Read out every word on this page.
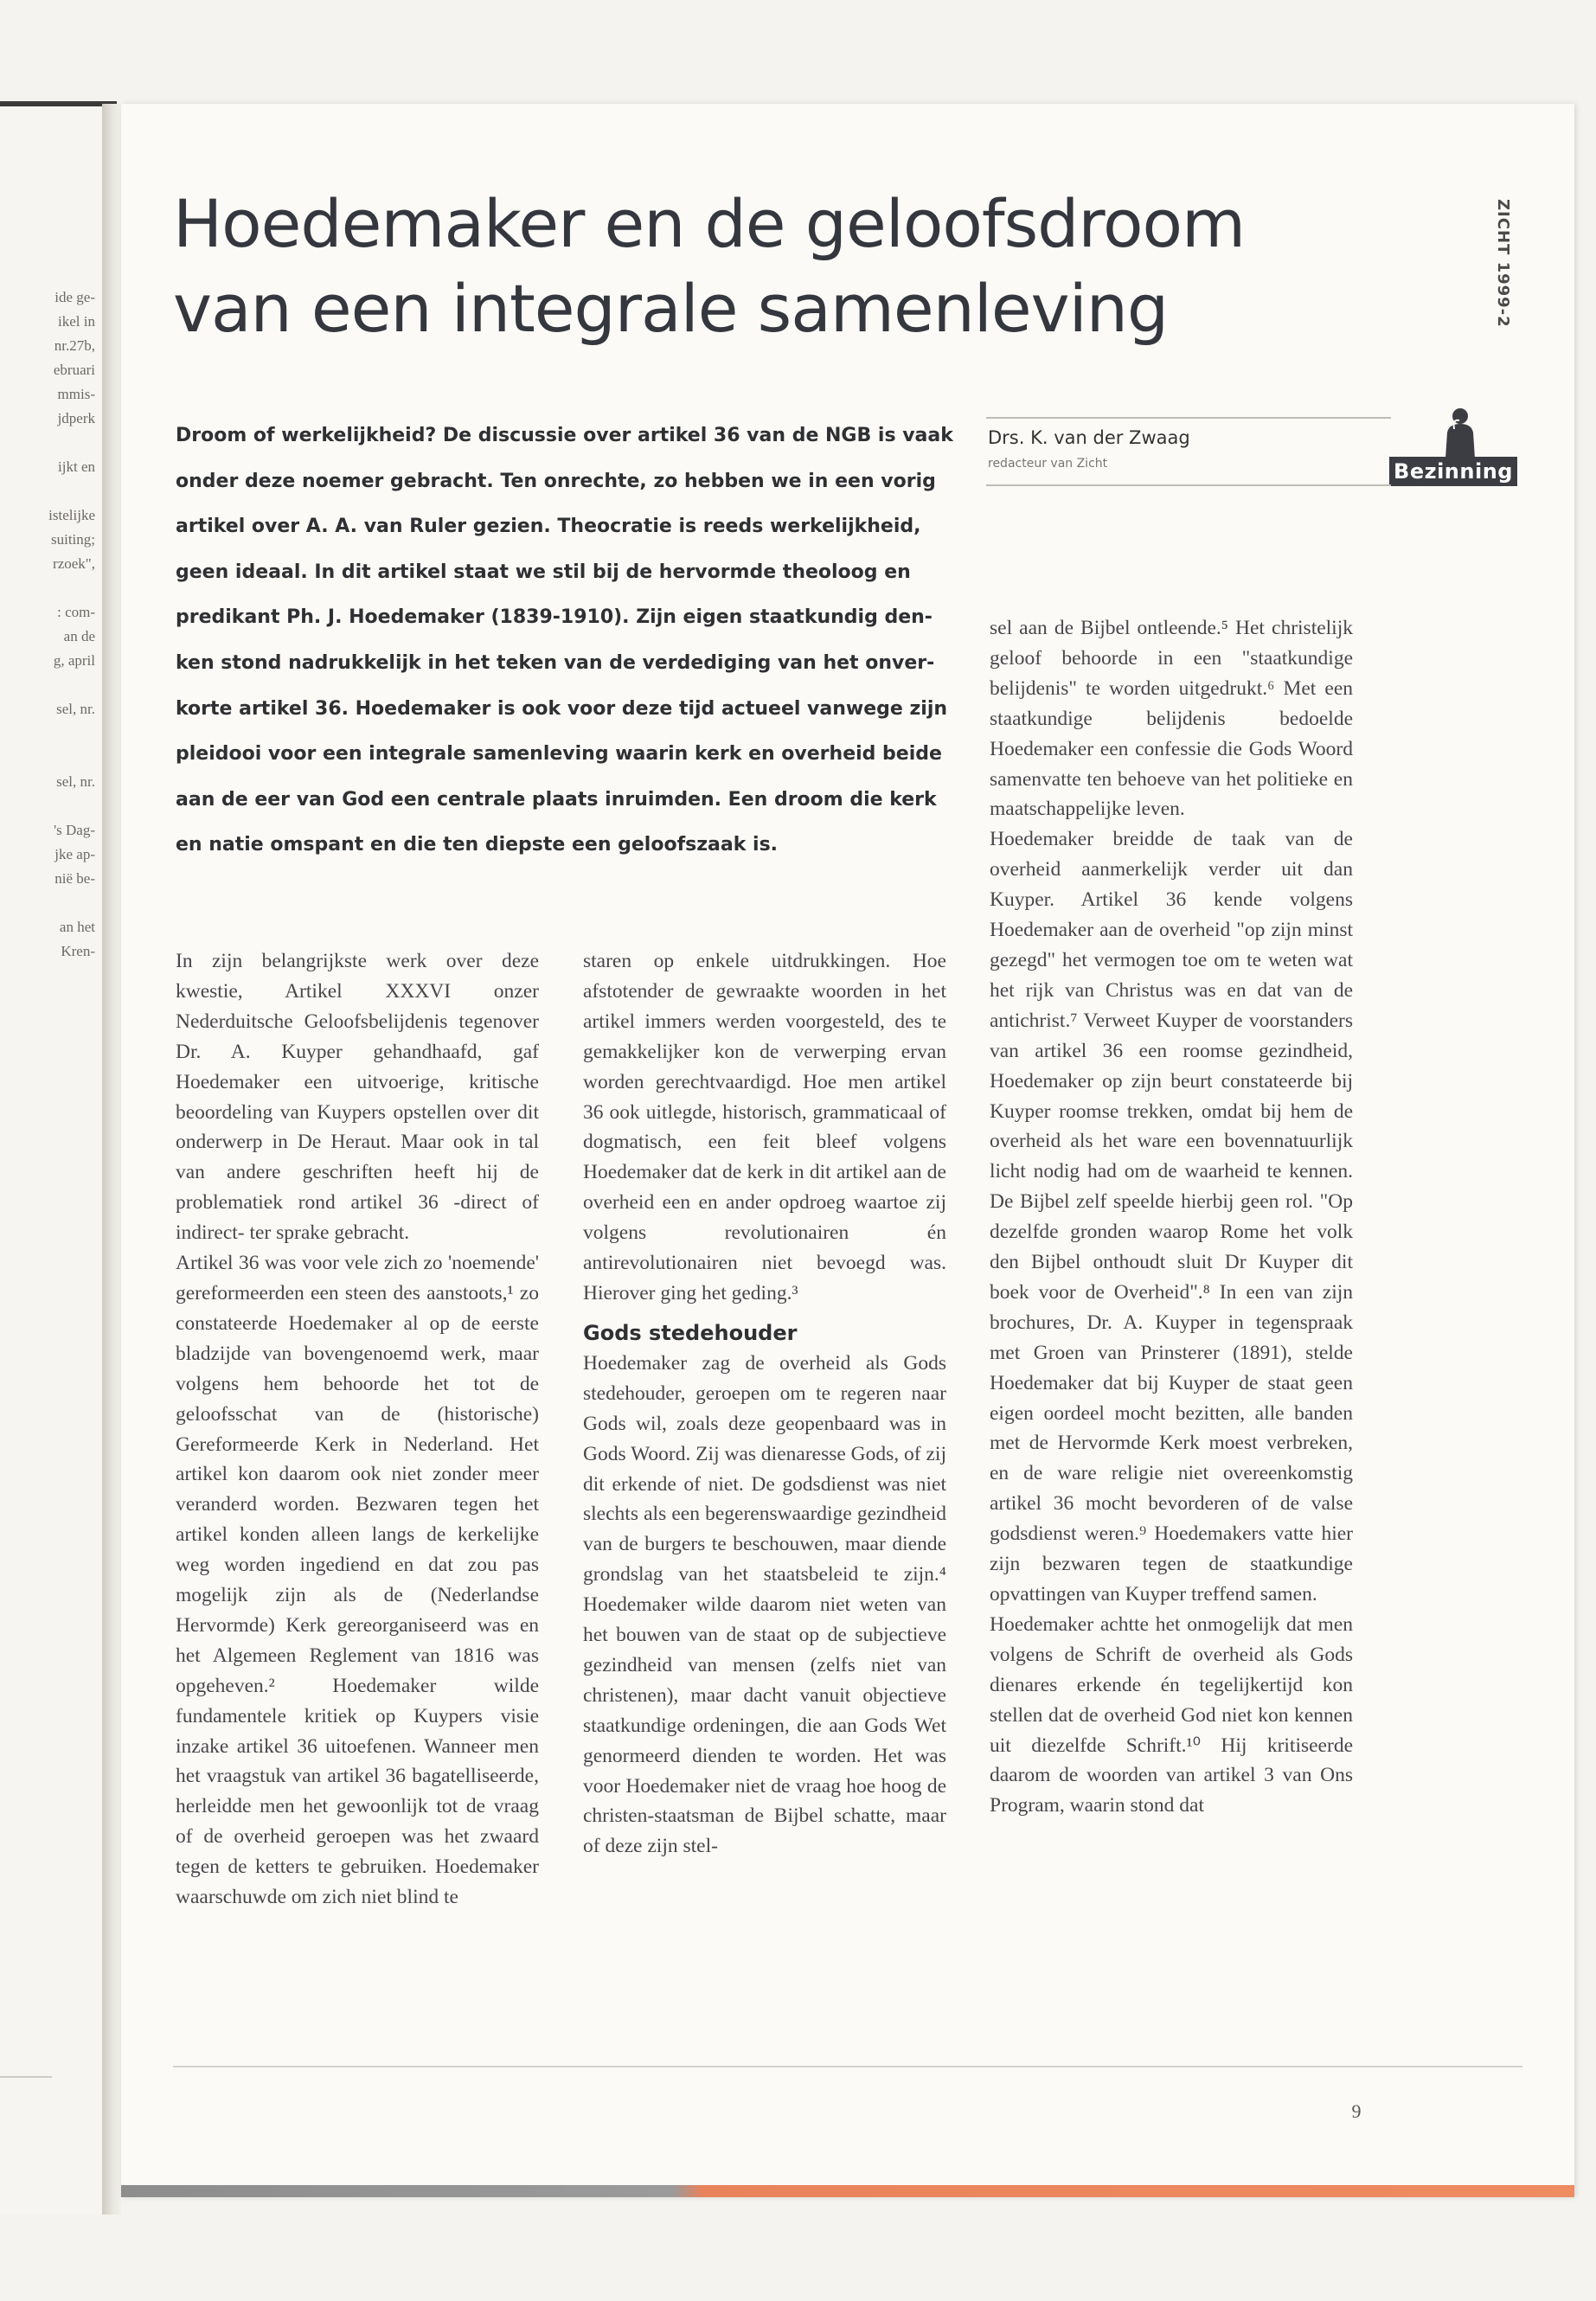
ide ge-
ikel in
nr.27b,
ebruari
mmis-
jdperk

ijkt en

istelijke
suiting;
rzoek",

: com-
an de
g, april

sel, nr.

sel, nr.

's Dag-
jke ap-
nië be-

an het
Kren-
Hoedemaker en de geloofsdroom
van een integrale samenleving	ZICHT 1999-2
Bezinning
Droom of werkelijkheid? De discussie over artikel 36 van de NGB is vaak
onder deze noemer gebracht. Ten onrechte, zo hebben we in een vorig
artikel over A. A. van Ruler gezien. Theocratie is reeds werkelijkheid,
geen ideaal. In dit artikel staat we stil bij de hervormde theoloog en
predikant Ph. J. Hoedemaker (1839-1910). Zijn eigen staatkundig den-
ken stond nadrukkelijk in het teken van de verdediging van het onver-
korte artikel 36. Hoedemaker is ook voor deze tijd actueel vanwege zijn
pleidooi voor een integrale samenleving waarin kerk en overheid beide
aan de eer van God een centrale plaats inruimden. Een droom die kerk
en natie omspant en die ten diepste een geloofszaak is.
Drs. K. van der Zwaag
redacteur van Zicht

In zijn belangrijkste werk over deze kwestie, Artikel XXXVI onzer Nederduitsche Geloofsbelijdenis tegenover Dr. A. Kuyper gehandhaafd, gaf Hoedemaker een uitvoerige, kritische beoordeling van Kuypers opstellen over dit onderwerp in De Heraut. Maar ook in tal van andere geschriften heeft hij de problematiek rond artikel 36 -direct of indirect- ter sprake gebracht.

Artikel 36 was voor vele zich zo 'noemende' gereformeerden een steen des aanstoots,¹ zo constateerde Hoedemaker al op de eerste bladzijde van bovengenoemd werk, maar volgens hem behoorde het tot de geloofsschat van de (historische) Gereformeerde Kerk in Nederland. Het artikel kon daarom ook niet zonder meer veranderd worden. Bezwaren tegen het artikel konden alleen langs de kerkelijke weg worden ingediend en dat zou pas mogelijk zijn als de (Nederlandse Hervormde) Kerk gereorganiseerd was en het Algemeen Reglement van 1816 was opgeheven.² Hoedemaker wilde fundamentele kritiek op Kuypers visie inzake artikel 36 uitoefenen. Wanneer men het vraagstuk van artikel 36 bagatelliseerde, herleidde men het gewoonlijk tot de vraag of de overheid geroepen was het zwaard tegen de ketters te gebruiken. Hoedemaker waarschuwde om zich niet blind te

staren op enkele uitdrukkingen. Hoe afstotender de gewraakte woorden in het artikel immers werden voorgesteld, des te gemakkelijker kon de verwerping ervan worden gerechtvaardigd. Hoe men artikel 36 ook uitlegde, historisch, grammaticaal of dogmatisch, een feit bleef volgens Hoedemaker dat de kerk in dit artikel aan de overheid een en ander opdroeg waartoe zij volgens revolutionairen én antirevolutionairen niet bevoegd was. Hierover ging het geding.³

Gods stedehouder

Hoedemaker zag de overheid als Gods stedehouder, geroepen om te regeren naar Gods wil, zoals deze geopenbaard was in Gods Woord. Zij was dienaresse Gods, of zij dit erkende of niet. De godsdienst was niet slechts als een begerenswaardige gezindheid van de burgers te beschouwen, maar diende grondslag van het staatsbeleid te zijn.⁴ Hoedemaker wilde daarom niet weten van het bouwen van de staat op de subjectieve gezindheid van mensen (zelfs niet van christenen), maar dacht vanuit objectieve staatkundige ordeningen, die aan Gods Wet genormeerd dienden te worden. Het was voor Hoedemaker niet de vraag hoe hoog de christen-staatsman de Bijbel schatte, maar of deze zijn stel-

sel aan de Bijbel ontleende.⁵ Het christelijk geloof behoorde in een "staatkundige belijdenis" te worden uitgedrukt.⁶ Met een staatkundige belijdenis bedoelde Hoedemaker een confessie die Gods Woord samenvatte ten behoeve van het politieke en maatschappelijke leven.

Hoedemaker breidde de taak van de overheid aanmerkelijk verder uit dan Kuyper. Artikel 36 kende volgens Hoedemaker aan de overheid "op zijn minst gezegd" het vermogen toe om te weten wat het rijk van Christus was en dat van de antichrist.⁷ Verweet Kuyper de voorstanders van artikel 36 een roomse gezindheid, Hoedemaker op zijn beurt constateerde bij Kuyper roomse trekken, omdat bij hem de overheid als het ware een bovennatuurlijk licht nodig had om de waarheid te kennen. De Bijbel zelf speelde hierbij geen rol. "Op dezelfde gronden waarop Rome het volk den Bijbel onthoudt sluit Dr Kuyper dit boek voor de Overheid".⁸ In een van zijn brochures, Dr. A. Kuyper in tegenspraak met Groen van Prinsterer (1891), stelde Hoedemaker dat bij Kuyper de staat geen eigen oordeel mocht bezitten, alle banden met de Hervormde Kerk moest verbreken, en de ware religie niet overeenkomstig artikel 36 mocht bevorderen of de valse godsdienst weren.⁹ Hoedemakers vatte hier zijn bezwaren tegen de staatkundige opvattingen van Kuyper treffend samen.

Hoedemaker achtte het onmogelijk dat men volgens de Schrift de overheid als Gods dienares erkende én tegelijkertijd kon stellen dat de overheid God niet kon kennen uit diezelfde Schrift.¹⁰ Hij kritiseerde daarom de woorden van artikel 3 van Ons Program, waarin stond dat

9
